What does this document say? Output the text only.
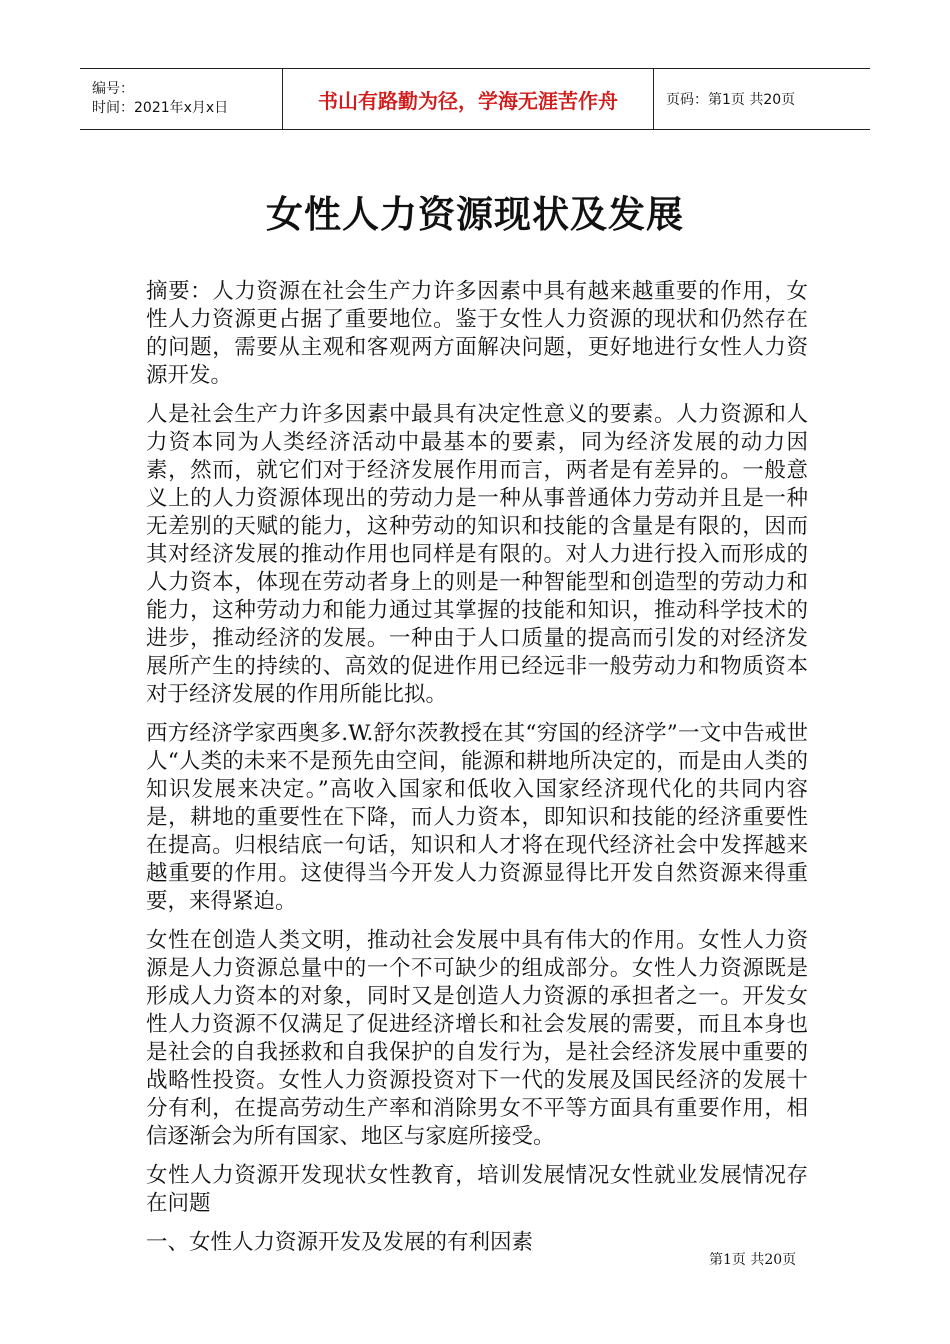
编号：
时间：2021年x月x日	书山有路勤为径，学海无涯苦作舟	页码：第1页 共20页
女性人力资源现状及发展

摘要：人力资源在社会生产力许多因素中具有越来越重要的作用，女性人力资源更占据了重要地位。鉴于女性人力资源的现状和仍然存在的问题，需要从主观和客观两方面解决问题，更好地进行女性人力资源开发。

人是社会生产力许多因素中最具有决定性意义的要素。人力资源和人力资本同为人类经济活动中最基本的要素，同为经济发展的动力因素，然而，就它们对于经济发展作用而言，两者是有差异的。一般意义上的人力资源体现出的劳动力是一种从事普通体力劳动并且是一种无差别的天赋的能力，这种劳动的知识和技能的含量是有限的，因而其对经济发展的推动作用也同样是有限的。对人力进行投入而形成的人力资本，体现在劳动者身上的则是一种智能型和创造型的劳动力和能力，这种劳动力和能力通过其掌握的技能和知识，推动科学技术的进步，推动经济的发展。一种由于人口质量的提高而引发的对经济发展所产生的持续的、高效的促进作用已经远非一般劳动力和物质资本对于经济发展的作用所能比拟。

西方经济学家西奥多.W.舒尔茨教授在其“穷国的经济学”一文中告戒世人“人类的未来不是预先由空间，能源和耕地所决定的，而是由人类的知识发展来决定。”高收入国家和低收入国家经济现代化的共同内容是，耕地的重要性在下降，而人力资本，即知识和技能的经济重要性在提高。归根结底一句话，知识和人才将在现代经济社会中发挥越来越重要的作用。这使得当今开发人力资源显得比开发自然资源来得重要，来得紧迫。

女性在创造人类文明，推动社会发展中具有伟大的作用。女性人力资源是人力资源总量中的一个不可缺少的组成部分。女性人力资源既是形成人力资本的对象，同时又是创造人力资源的承担者之一。开发女性人力资源不仅满足了促进经济增长和社会发展的需要，而且本身也是社会的自我拯救和自我保护的自发行为，是社会经济发展中重要的战略性投资。女性人力资源投资对下一代的发展及国民经济的发展十分有利，在提高劳动生产率和消除男女不平等方面具有重要作用，相信逐渐会为所有国家、地区与家庭所接受。

女性人力资源开发现状女性教育，培训发展情况女性就业发展情况存在问题

一、女性人力资源开发及发展的有利因素

第1页 共20页
